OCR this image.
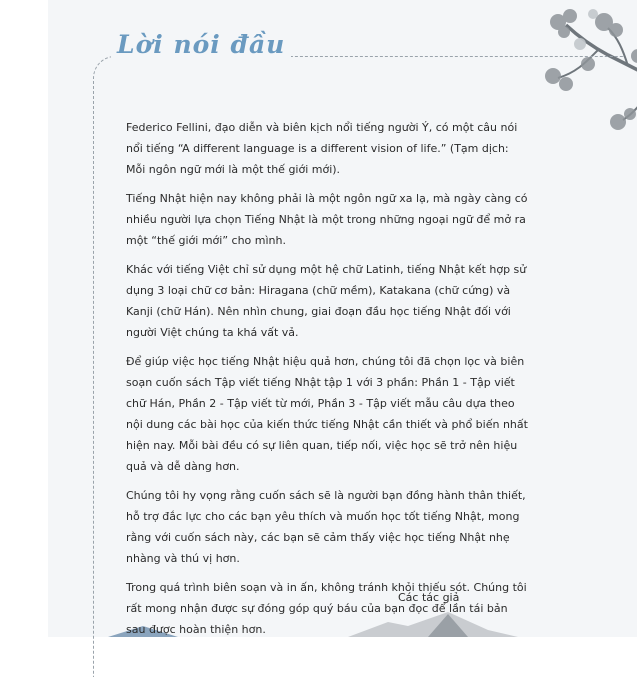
Lời nói đầu

Federico Fellini, đạo diễn và biên kịch nổi tiếng người Ý, có một câu nói nổi tiếng “A different language is a different vision of life.” (Tạm dịch: Mỗi ngôn ngữ mới là một thế giới mới).

Tiếng Nhật hiện nay không phải là một ngôn ngữ xa lạ, mà ngày càng có nhiều người lựa chọn Tiếng Nhật là một trong những ngoại ngữ để mở ra một “thế giới mới” cho mình.

Khác với tiếng Việt chỉ sử dụng một hệ chữ Latinh, tiếng Nhật kết hợp sử dụng 3 loại chữ cơ bản: Hiragana (chữ mềm), Katakana (chữ cứng) và Kanji (chữ Hán). Nên nhìn chung, giai đoạn đầu học tiếng Nhật đối với người Việt chúng ta khá vất vả.

Để giúp việc học tiếng Nhật hiệu quả hơn, chúng tôi đã chọn lọc và biên soạn cuốn sách Tập viết tiếng Nhật tập 1 với 3 phần: Phần 1 - Tập viết chữ Hán, Phần 2 - Tập viết từ mới, Phần 3 - Tập viết mẫu câu dựa theo nội dung các bài học của kiến thức tiếng Nhật cần thiết và phổ biến nhất hiện nay. Mỗi bài đều có sự liên quan, tiếp nối, việc học sẽ trở nên hiệu quả và dễ dàng hơn.

Chúng tôi hy vọng rằng cuốn sách sẽ là người bạn đồng hành thân thiết, hỗ trợ đắc lực cho các bạn yêu thích và muốn học tốt tiếng Nhật, mong rằng với cuốn sách này, các bạn sẽ cảm thấy việc học tiếng Nhật nhẹ nhàng và thú vị hơn.

Trong quá trình biên soạn và in ấn, không tránh khỏi thiếu sót. Chúng tôi rất mong nhận được sự đóng góp quý báu của bạn đọc để lần tái bản sau được hoàn thiện hơn.

Các tác giả
